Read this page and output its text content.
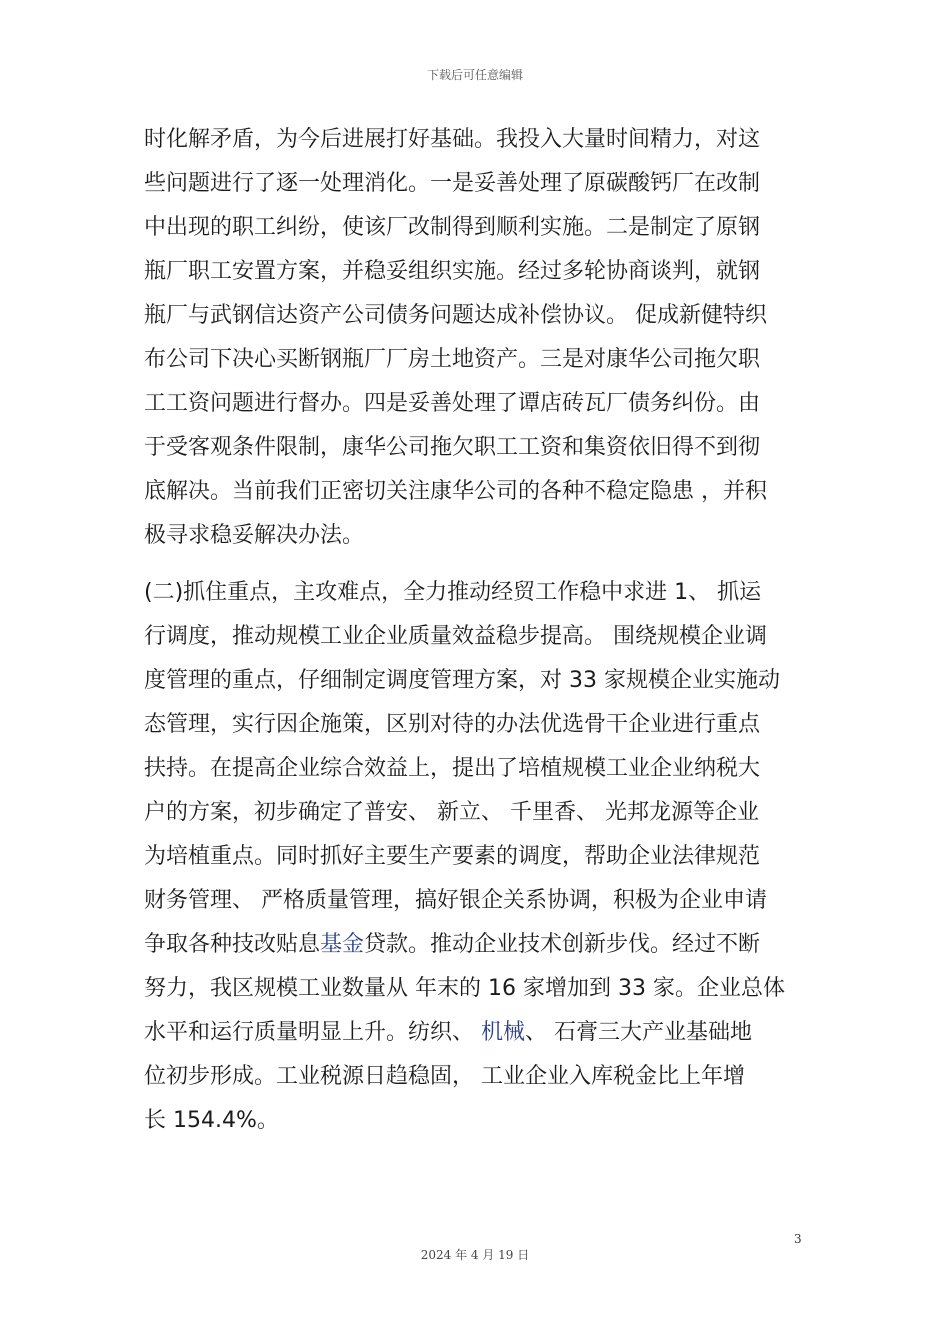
下载后可任意编辑
时化解矛盾，为今后进展打好基础。我投入大量时间精力，对这
些问题进行了逐一处理消化。一是妥善处理了原碳酸钙厂在改制
中出现的职工纠纷，使该厂改制得到顺利实施。二是制定了原钢
瓶厂职工安置方案，并稳妥组织实施。经过多轮协商谈判，就钢
瓶厂与武钢信达资产公司债务问题达成补偿协议。 促成新健特织
布公司下决心买断钢瓶厂厂房土地资产。三是对康华公司拖欠职
工工资问题进行督办。四是妥善处理了谭店砖瓦厂债务纠份。由
于受客观条件限制，康华公司拖欠职工工资和集资依旧得不到彻
底解决。当前我们正密切关注康华公司的各种不稳定隐患 ，并积
极寻求稳妥解决办法。
(二)抓住重点，主攻难点，全力推动经贸工作稳中求进 1、 抓运
行调度，推动规模工业企业质量效益稳步提高。 围绕规模企业调
度管理的重点，仔细制定调度管理方案，对 33 家规模企业实施动
态管理，实行因企施策，区别对待的办法优选骨干企业进行重点
扶持。在提高企业综合效益上，提出了培植规模工业企业纳税大
户的方案，初步确定了普安、 新立、 千里香、 光邦龙源等企业
为培植重点。同时抓好主要生产要素的调度，帮助企业法律规范
财务管理、 严格质量管理，搞好银企关系协调，积极为企业申请
争取各种技改贴息基金贷款。推动企业技术创新步伐。经过不断
努力，我区规模工业数量从 年末的 16 家增加到 33 家。企业总体
水平和运行质量明显上升。纺织、 机械、 石膏三大产业基础地
位初步形成。工业税源日趋稳固， 工业企业入库税金比上年增
长 154.4%。
3
2024 年 4 月 19 日
